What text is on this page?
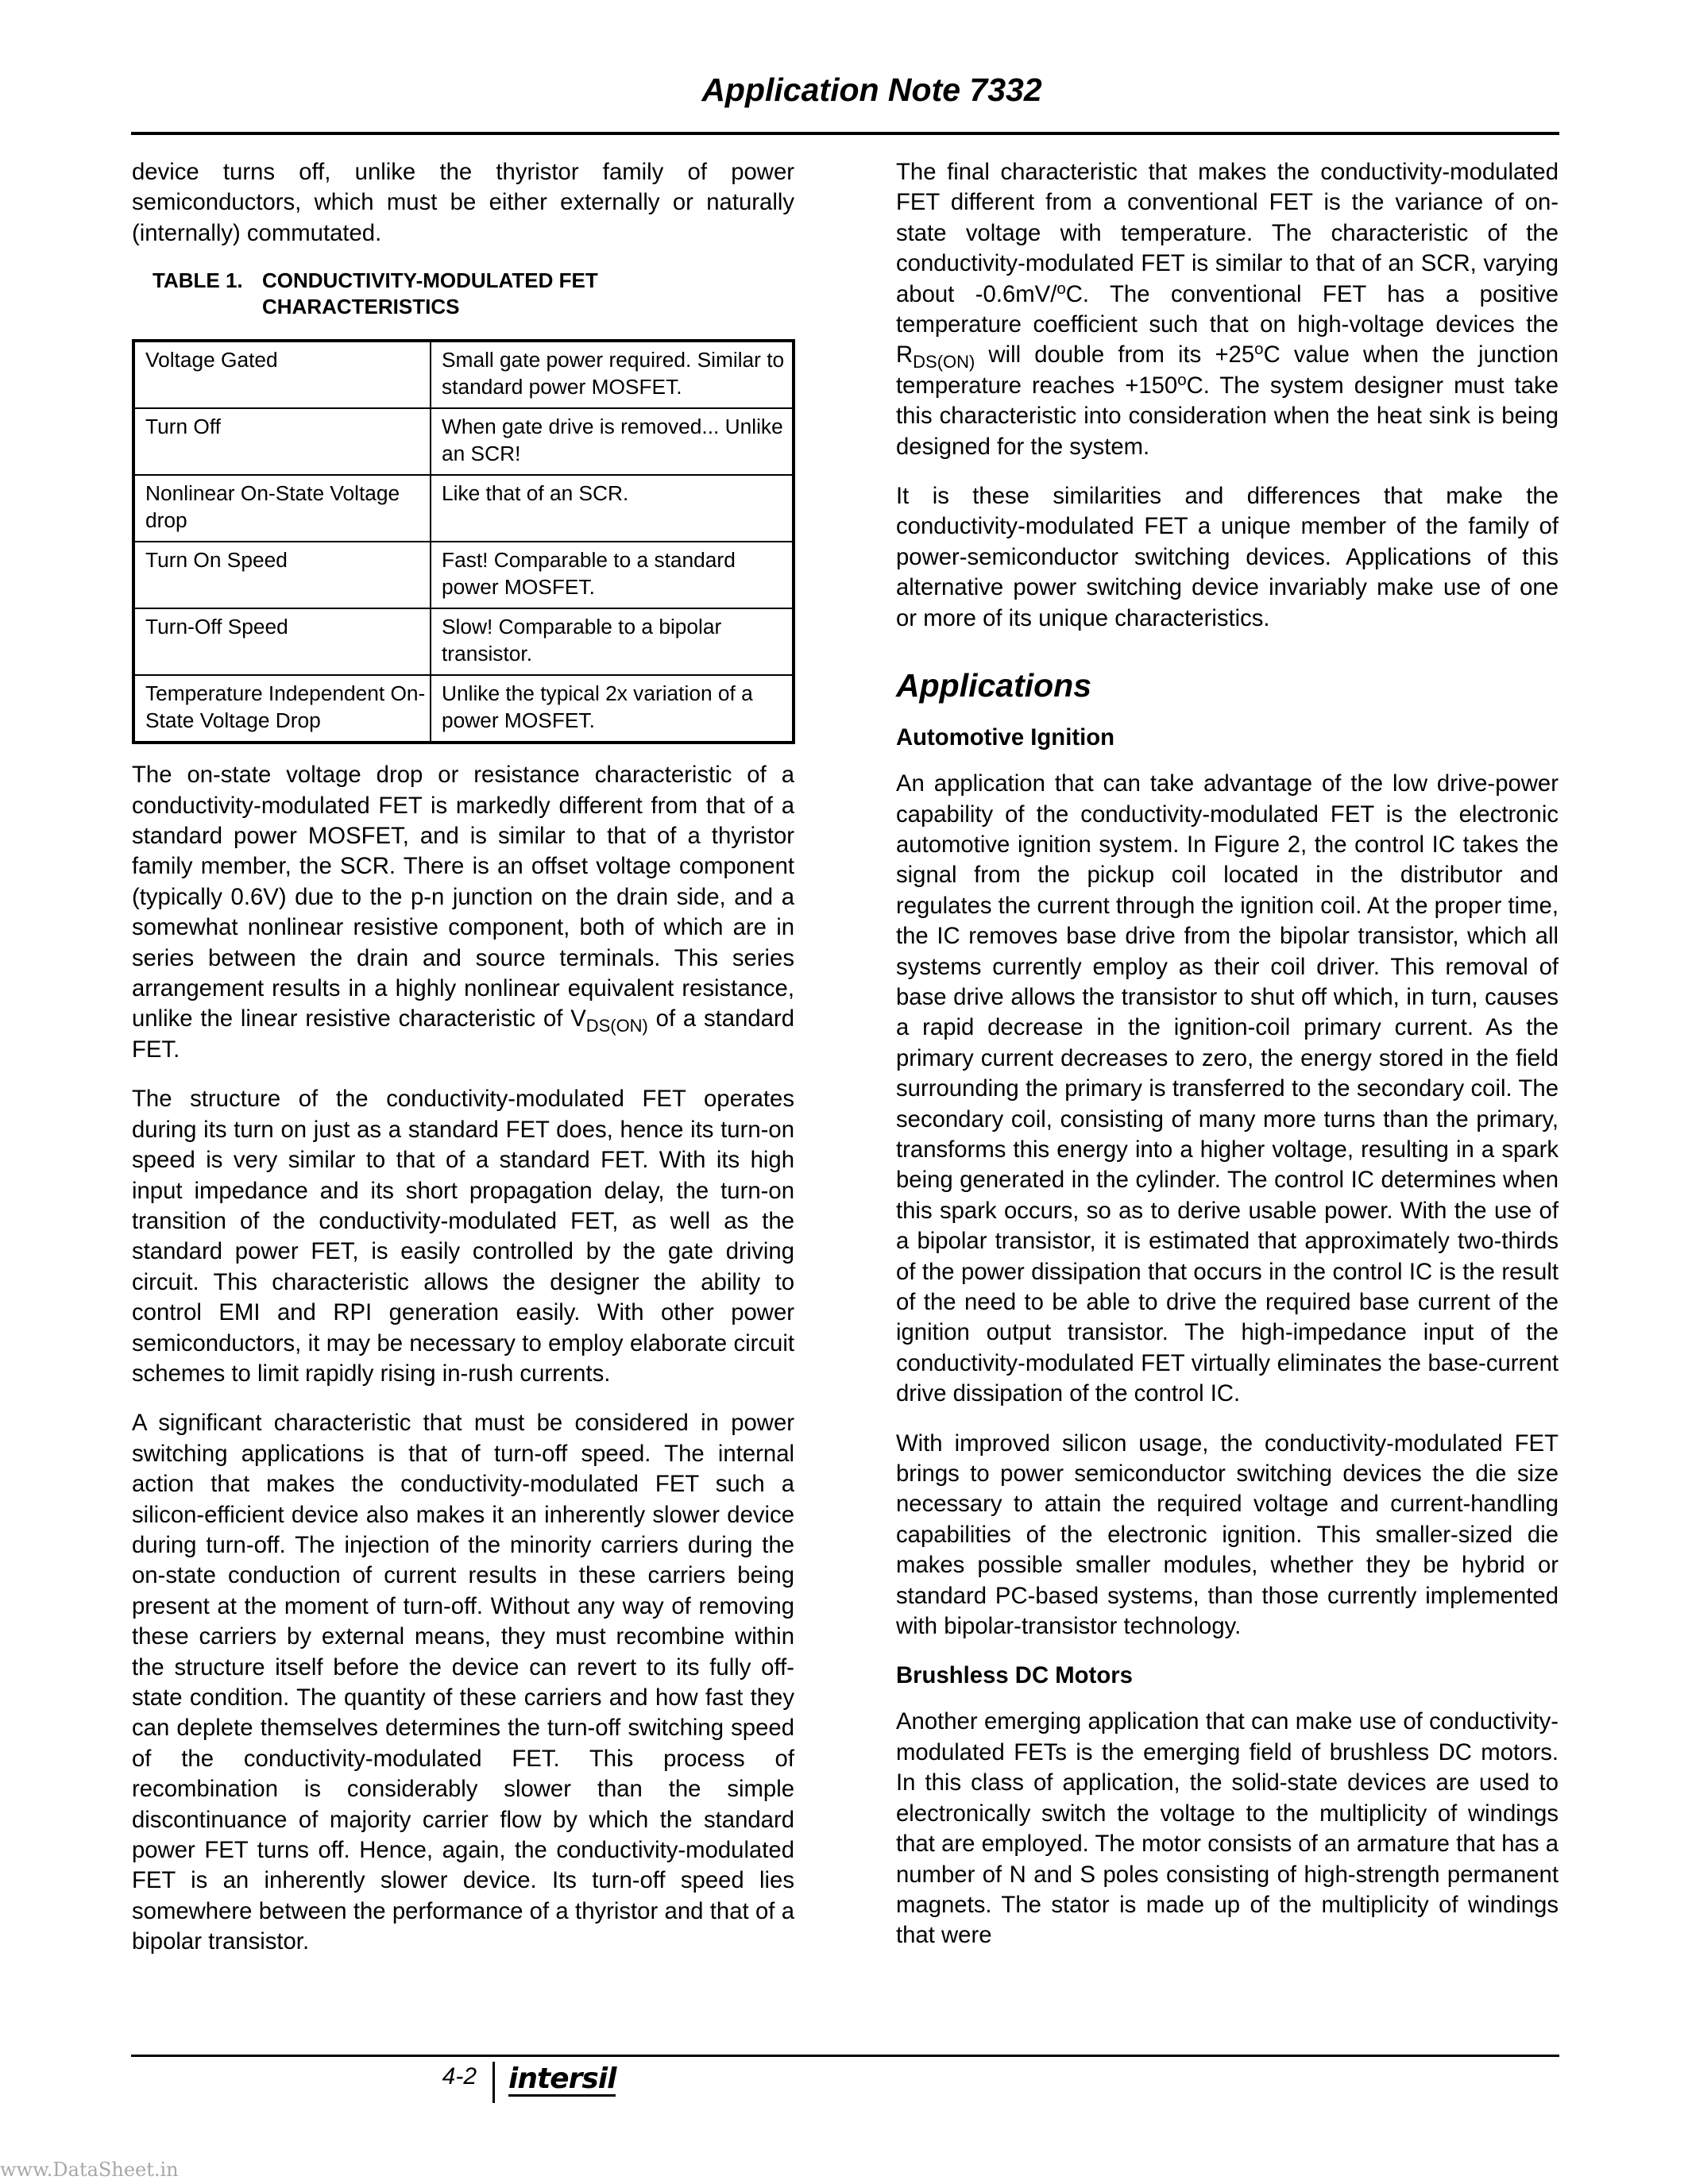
Application Note 7332

device turns off, unlike the thyristor family of power semiconductors, which must be either externally or naturally (internally) commutated.

TABLE 1. CONDUCTIVITY-MODULATED FET
CHARACTERISTICS
Voltage Gated	Small gate power required. Similar to standard power MOSFET.
Turn Off	When gate drive is removed... Unlike an SCR!
Nonlinear On-State Voltage drop	Like that of an SCR.
Turn On Speed	Fast! Comparable to a standard power MOSFET.
Turn-Off Speed	Slow! Comparable to a bipolar transistor.
Temperature Independent On-State Voltage Drop	Unlike the typical 2x variation of a power MOSFET.

The on-state voltage drop or resistance characteristic of a conductivity-modulated FET is markedly different from that of a standard power MOSFET, and is similar to that of a thyristor family member, the SCR. There is an offset voltage component (typically 0.6V) due to the p-n junction on the drain side, and a somewhat nonlinear resistive component, both of which are in series between the drain and source terminals. This series arrangement results in a highly nonlinear equivalent resistance, unlike the linear resistive characteristic of $V_{DS(ON)}$ of a standard FET.

The structure of the conductivity-modulated FET operates during its turn on just as a standard FET does, hence its turn-on speed is very similar to that of a standard FET. With its high input impedance and its short propagation delay, the turn-on transition of the conductivity-modulated FET, as well as the standard power FET, is easily controlled by the gate driving circuit. This characteristic allows the designer the ability to control EMI and RPI generation easily. With other power semiconductors, it may be necessary to employ elaborate circuit schemes to limit rapidly rising in-rush currents.

A significant characteristic that must be considered in power switching applications is that of turn-off speed. The internal action that makes the conductivity-modulated FET such a silicon-efficient device also makes it an inherently slower device during turn-off. The injection of the minority carriers during the on-state conduction of current results in these carriers being present at the moment of turn-off. Without any way of removing these carriers by external means, they must recombine within the structure itself before the device can revert to its fully off-state condition. The quantity of these carriers and how fast they can deplete themselves determines the turn-off switching speed of the conductivity-modulated FET. This process of recombination is considerably slower than the simple discontinuance of majority carrier flow by which the standard power FET turns off. Hence, again, the conductivity-modulated FET is an inherently slower device. Its turn-off speed lies somewhere between the performance of a thyristor and that of a bipolar transistor.

The final characteristic that makes the conductivity-modulated FET different from a conventional FET is the variance of on-state voltage with temperature. The characteristic of the conductivity-modulated FET is similar to that of an SCR, varying about -0.6mV/$^o$C. The conventional FET has a positive temperature coefficient such that on high-voltage devices the $R_{DS(ON)}$ will double from its $+25^oC$ value when the junction temperature reaches $+150^oC$. The system designer must take this characteristic into consideration when the heat sink is being designed for the system.

It is these similarities and differences that make the conductivity-modulated FET a unique member of the family of power-semiconductor switching devices. Applications of this alternative power switching device invariably make use of one or more of its unique characteristics.

Applications
Automotive Ignition

An application that can take advantage of the low drive-power capability of the conductivity-modulated FET is the electronic automotive ignition system. In Figure 2, the control IC takes the signal from the pickup coil located in the distributor and regulates the current through the ignition coil. At the proper time, the IC removes base drive from the bipolar transistor, which all systems currently employ as their coil driver. This removal of base drive allows the transistor to shut off which, in turn, causes a rapid decrease in the ignition-coil primary current. As the primary current decreases to zero, the energy stored in the field surrounding the primary is transferred to the secondary coil. The secondary coil, consisting of many more turns than the primary, transforms this energy into a higher voltage, resulting in a spark being generated in the cylinder. The control IC determines when this spark occurs, so as to derive usable power. With the use of a bipolar transistor, it is estimated that approximately two-thirds of the power dissipation that occurs in the control IC is the result of the need to be able to drive the required base current of the ignition output transistor. The high-impedance input of the conductivity-modulated FET virtually eliminates the base-current drive dissipation of the control IC.

With improved silicon usage, the conductivity-modulated FET brings to power semiconductor switching devices the die size necessary to attain the required voltage and current-handling capabilities of the electronic ignition. This smaller-sized die makes possible smaller modules, whether they be hybrid or standard PC-based systems, than those currently implemented with bipolar-transistor technology.

Brushless DC Motors

Another emerging application that can make use of conductivity-modulated FETs is the emerging field of brushless DC motors. In this class of application, the solid-state devices are used to electronically switch the voltage to the multiplicity of windings that are employed. The motor consists of an armature that has a number of N and S poles consisting of high-strength permanent magnets. The stator is made up of the multiplicity of windings that were

4-2 intersil
www.DataSheet.in
